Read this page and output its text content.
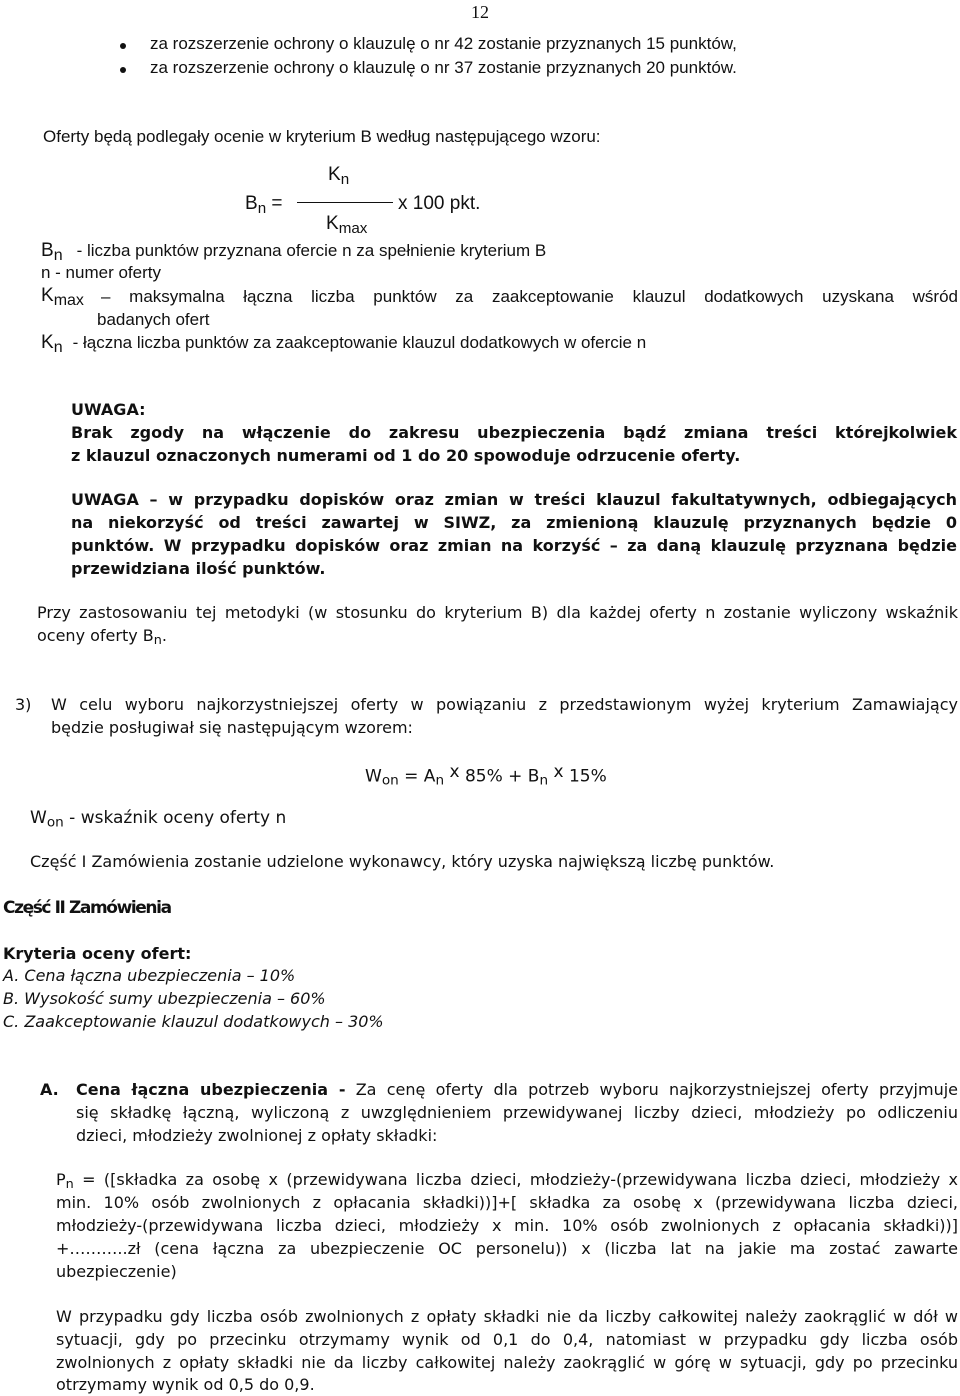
12
za rozszerzenie ochrony o klauzulę o nr 42 zostanie przyznanych 15 punktów,
za rozszerzenie ochrony o klauzulę o nr 37 zostanie przyznanych 20 punktów.
Oferty będą podlegały ocenie w kryterium B według następującego wzoru:
$K_n$
$B_n$ =	x 100 pkt.
$K_{max}$
Bn - liczba punktów przyznana ofercie n za spełnienie kryterium B
n - numer oferty
$K_{max}$ – maksymalna łączna liczba punktów za zaakceptowanie klauzul dodatkowych uzyskana wśród
badanych ofert
Kn - łączna liczba punktów za zaakceptowanie klauzul dodatkowych w ofercie n
UWAGA:
Brak zgody na włączenie do zakresu ubezpieczenia bądź zmiana treści którejkolwiek
z klauzul oznaczonych numerami od 1 do 20 spowoduje odrzucenie oferty.
UWAGA – w przypadku dopisków oraz zmian w treści klauzul fakultatywnych, odbiegających
na niekorzyść od treści zawartej w SIWZ, za zmienioną klauzulę przyznanych będzie 0
punktów. W przypadku dopisków oraz zmian na korzyść – za daną klauzulę przyznana będzie
przewidziana ilość punktów.
Przy zastosowaniu tej metodyki (w stosunku do kryterium B) dla każdej oferty n zostanie wyliczony wskaźnik
oceny oferty $B_n$.
3) W celu wyboru najkorzystniejszej oferty w powiązaniu z przedstawionym wyżej kryterium Zamawiający
będzie posługiwał się następującym wzorem:
$W_{on} = A_n$ x $85\% + B_n$ x 15%
$W_{on}$ - wskaźnik oceny oferty n
Część I Zamówienia zostanie udzielone wykonawcy, który uzyska największą liczbę punktów.
Część II Zamówienia
Kryteria oceny ofert:
A. Cena łączna ubezpieczenia – 10%
B. Wysokość sumy ubezpieczenia – 60%
C. Zaakceptowanie klauzul dodatkowych – 30%
A. Cena łączna ubezpieczenia - Za cenę oferty dla potrzeb wyboru najkorzystniejszej oferty przyjmuje
się składkę łączną, wyliczoną z uwzględnieniem przewidywanej liczby dzieci, młodzieży po odliczeniu
dzieci, młodzieży zwolnionej z opłaty składki:
$P_n$ = ([składka za osobę x (przewidywana liczba dzieci, młodzieży-(przewidywana liczba dzieci, młodzieży x
min. 10% osób zwolnionych z opłacania składki))]+[ składka za osobę x (przewidywana liczba dzieci,
młodzieży-(przewidywana liczba dzieci, młodzieży x min. 10% osób zwolnionych z opłacania składki))]
+………..zł (cena łączna za ubezpieczenie OC personelu)) x (liczba lat na jakie ma zostać zawarte
ubezpieczenie)
W przypadku gdy liczba osób zwolnionych z opłaty składki nie da liczby całkowitej należy zaokrąglić w dół w
sytuacji, gdy po przecinku otrzymamy wynik od 0,1 do 0,4, natomiast w przypadku gdy liczba osób
zwolnionych z opłaty składki nie da liczby całkowitej należy zaokrąglić w górę w sytuacji, gdy po przecinku
otrzymamy wynik od 0,5 do 0,9.
